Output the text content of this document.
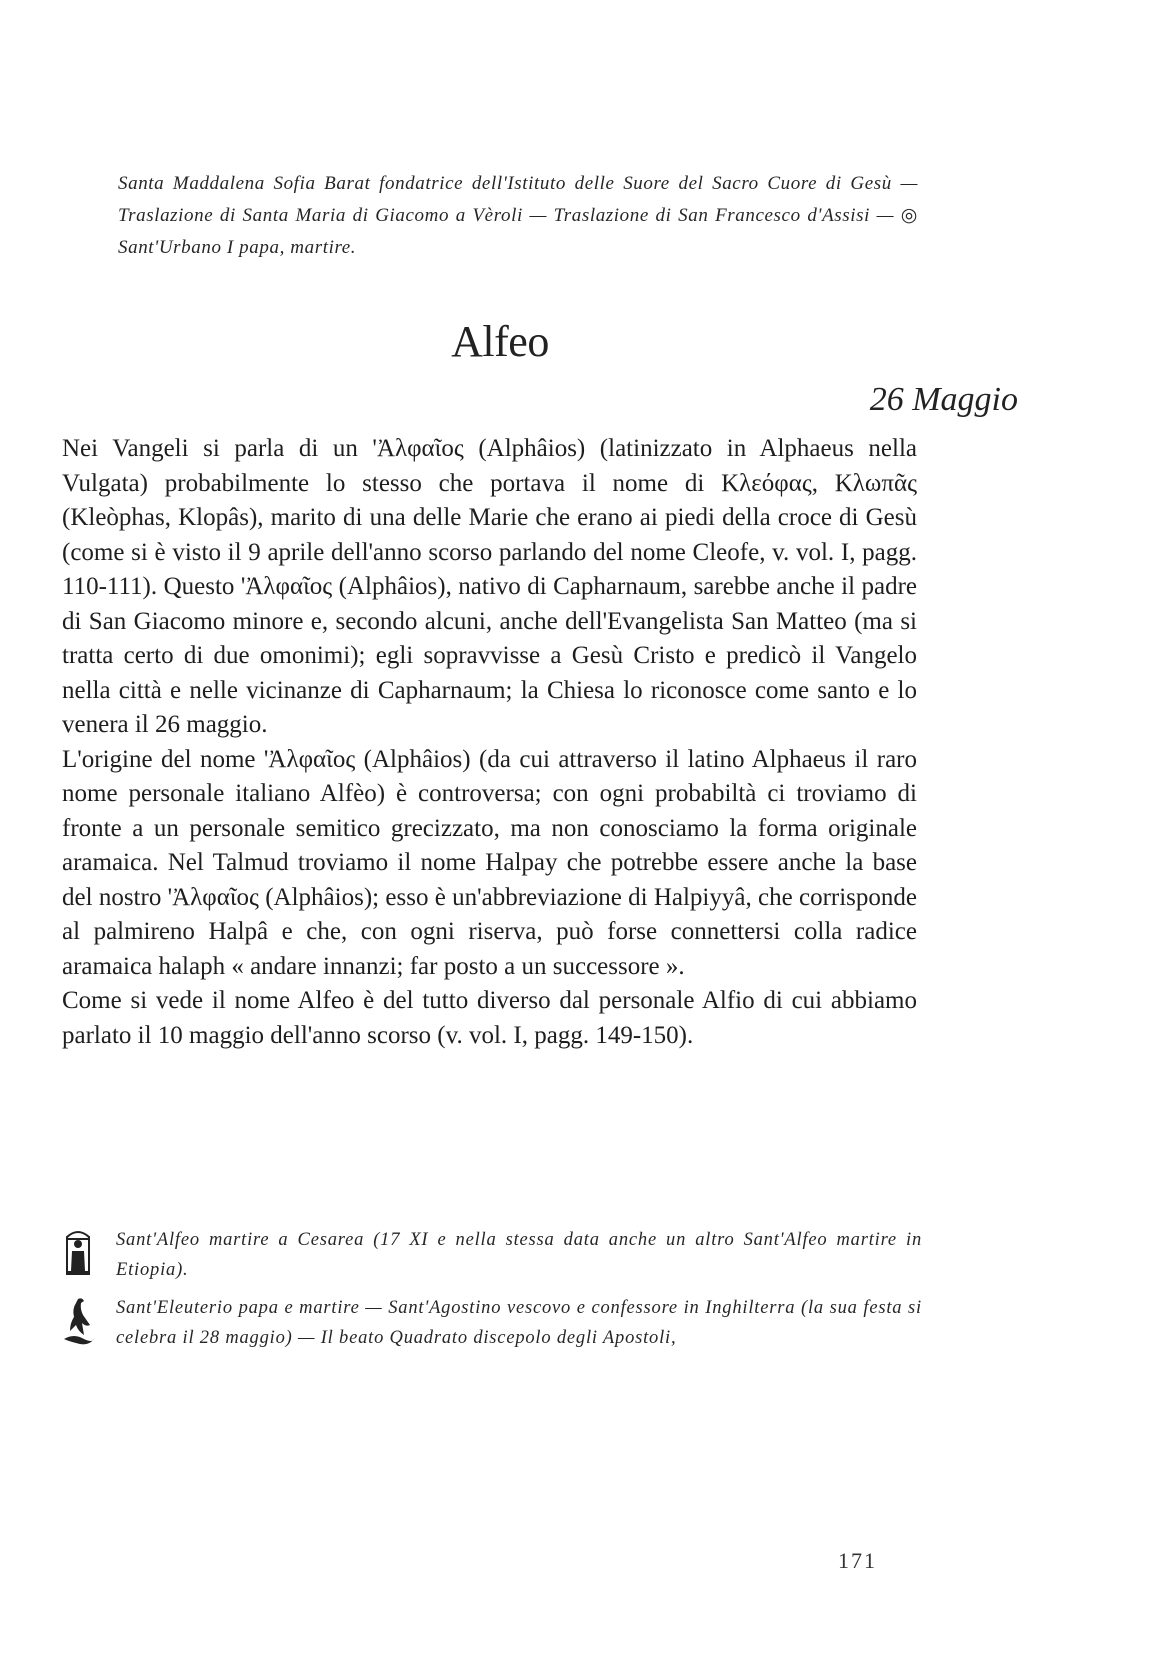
Santa Maddalena Sofia Barat fondatrice dell'Istituto delle Suore del Sacro Cuore di Gesù — Traslazione di Santa Maria di Giacomo a Vèroli — Traslazione di San Francesco d'Assisi — ◎ Sant'Urbano I papa, martire.
Alfeo
26 Maggio

Nei Vangeli si parla di un 'Ἀλφαῖος (Alphâios) (latinizzato in Alphaeus nella Vulgata) probabilmente lo stesso che portava il nome di Κλεόφας, Κλωπᾶς (Kleòphas, Klopâs), marito di una delle Marie che erano ai piedi della croce di Gesù (come si è visto il 9 aprile dell'anno scorso parlando del nome Cleofe, v. vol. I, pagg. 110-111). Questo 'Ἀλφαῖος (Alphâios), nativo di Capharnaum, sarebbe anche il padre di San Giacomo minore e, secondo alcuni, anche dell'Evangelista San Matteo (ma si tratta certo di due omonimi); egli sopravvisse a Gesù Cristo e predicò il Vangelo nella città e nelle vicinanze di Capharnaum; la Chiesa lo riconosce come santo e lo venera il 26 maggio.

L'origine del nome 'Ἀλφαῖος (Alphâios) (da cui attraverso il latino Alphaeus il raro nome personale italiano Alfèo) è controversa; con ogni probabiltà ci troviamo di fronte a un personale semitico grecizzato, ma non conosciamo la forma originale aramaica. Nel Talmud troviamo il nome Halpay che potrebbe essere anche la base del nostro 'Ἀλφαῖος (Alphâios); esso è un'abbreviazione di Halpiyyâ, che corrisponde al palmireno Halpâ e che, con ogni riserva, può forse connettersi colla radice aramaica halaph « andare innanzi; far posto a un successore ».

Come si vede il nome Alfeo è del tutto diverso dal personale Alfio di cui abbiamo parlato il 10 maggio dell'anno scorso (v. vol. I, pagg. 149-150).

Sant'Alfeo martire a Cesarea (17 XI e nella stessa data anche un altro Sant'Alfeo martire in Etiopia).
Sant'Eleuterio papa e martire — Sant'Agostino vescovo e confessore in Inghilterra (la sua festa si celebra il 28 maggio) — Il beato Quadrato discepolo degli Apostoli,
171
